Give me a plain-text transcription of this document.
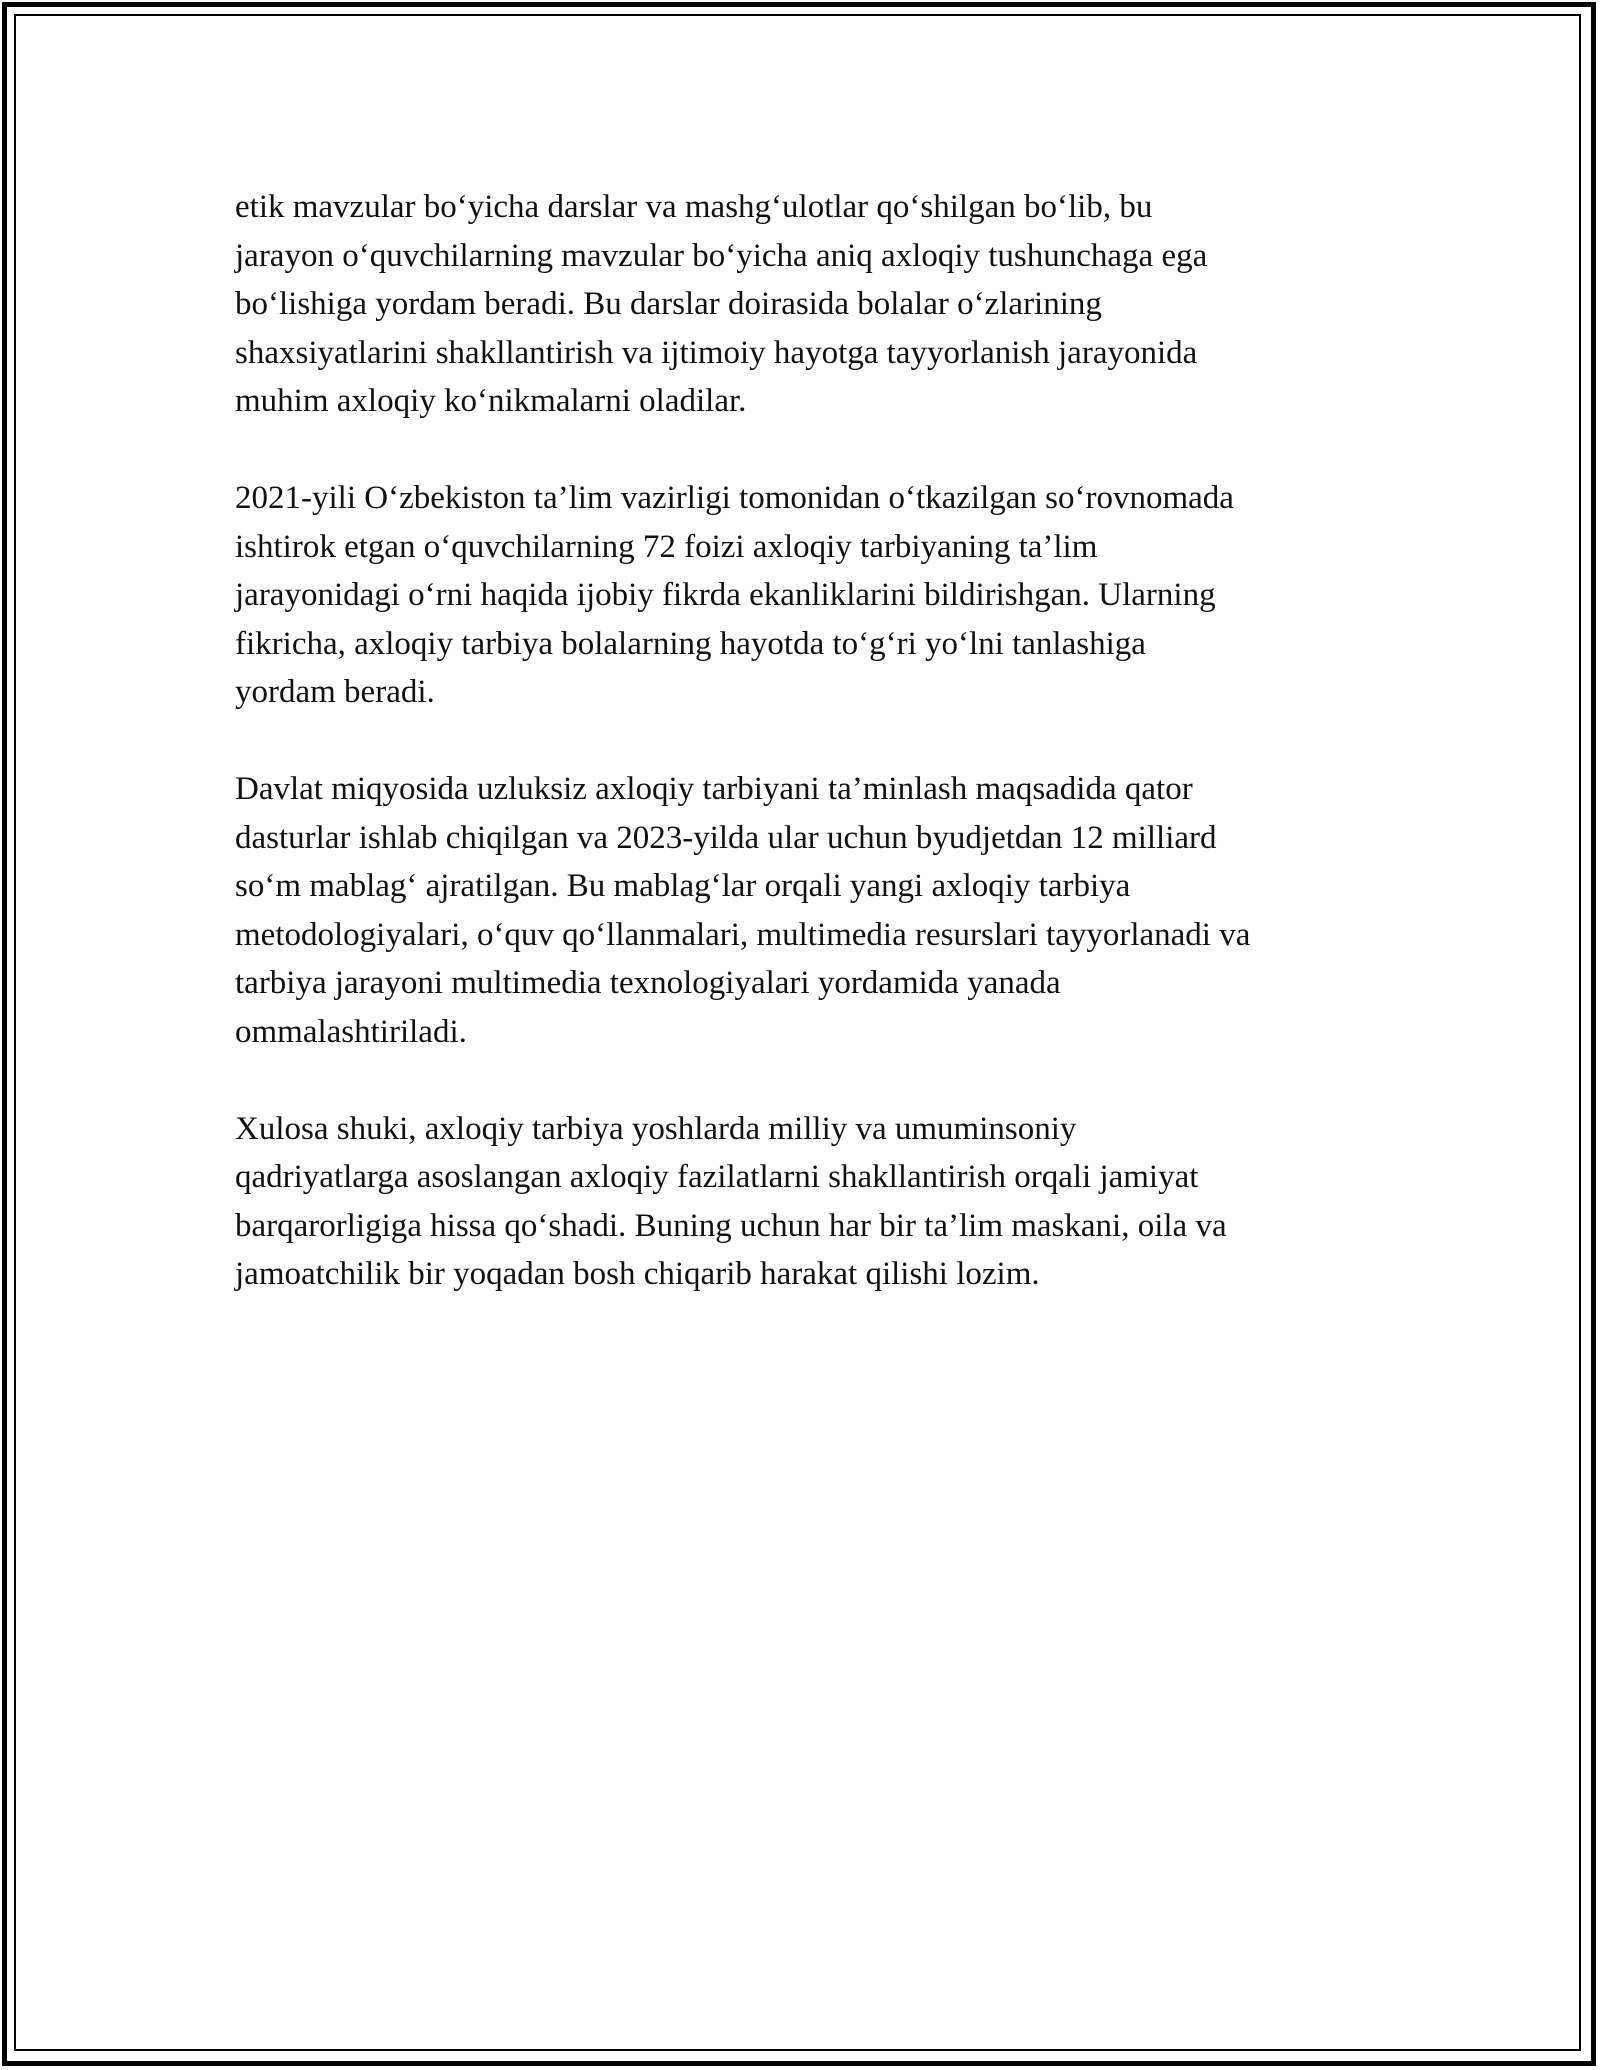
etik mavzular bo‘yicha darslar va mashg‘ulotlar qo‘shilgan bo‘lib, bu
jarayon o‘quvchilarning mavzular bo‘yicha aniq axloqiy tushunchaga ega
bo‘lishiga yordam beradi. Bu darslar doirasida bolalar o‘zlarining
shaxsiyatlarini shakllantirish va ijtimoiy hayotga tayyorlanish jarayonida
muhim axloqiy ko‘nikmalarni oladilar.

2021-yili O‘zbekiston ta’lim vazirligi tomonidan o‘tkazilgan so‘rovnomada
ishtirok etgan o‘quvchilarning 72 foizi axloqiy tarbiyaning ta’lim
jarayonidagi o‘rni haqida ijobiy fikrda ekanliklarini bildirishgan. Ularning
fikricha, axloqiy tarbiya bolalarning hayotda to‘g‘ri yo‘lni tanlashiga
yordam beradi.

Davlat miqyosida uzluksiz axloqiy tarbiyani ta’minlash maqsadida qator
dasturlar ishlab chiqilgan va 2023-yilda ular uchun byudjetdan 12 milliard
so‘m mablag‘ ajratilgan. Bu mablag‘lar orqali yangi axloqiy tarbiya
metodologiyalari, o‘quv qo‘llanmalari, multimedia resurslari tayyorlanadi va
tarbiya jarayoni multimedia texnologiyalari yordamida yanada
ommalashtiriladi.

Xulosa shuki, axloqiy tarbiya yoshlarda milliy va umuminsoniy
qadriyatlarga asoslangan axloqiy fazilatlarni shakllantirish orqali jamiyat
barqarorligiga hissa qo‘shadi. Buning uchun har bir ta’lim maskani, oila va
jamoatchilik bir yoqadan bosh chiqarib harakat qilishi lozim.
